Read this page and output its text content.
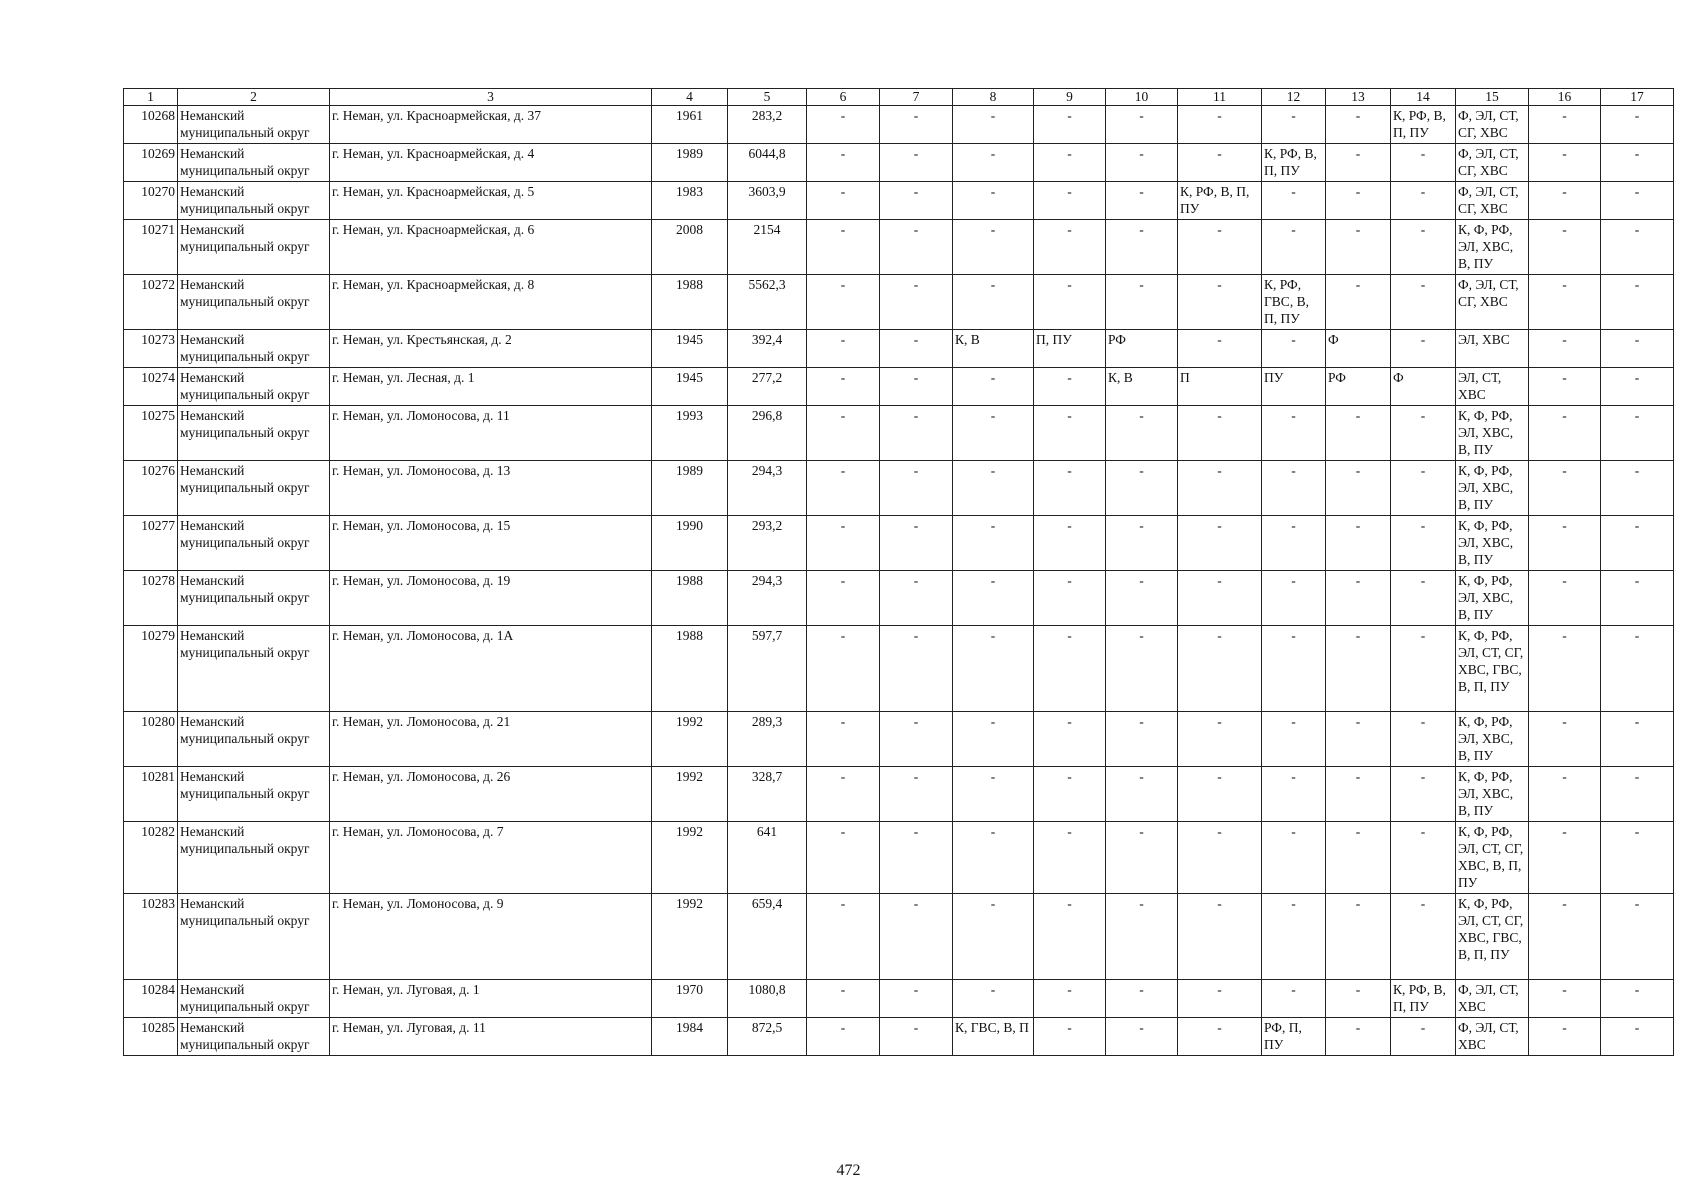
1	2	3	4	5	6	7	8	9	10	11	12	13	14	15	16	17
10268	Неманский муниципальный округ	г. Неман, ул. Красноармейская, д. 37	1961	283,2	-	-	-	-	-	-	-	-	К, РФ, В, П, ПУ	Ф, ЭЛ, СТ, СГ, ХВС	-	-
10269	Неманский муниципальный округ	г. Неман, ул. Красноармейская, д. 4	1989	6044,8	-	-	-	-	-	-	К, РФ, В, П, ПУ	-	-	Ф, ЭЛ, СТ, СГ, ХВС	-	-
10270	Неманский муниципальный округ	г. Неман, ул. Красноармейская, д. 5	1983	3603,9	-	-	-	-	-	К, РФ, В, П, ПУ	-	-	-	Ф, ЭЛ, СТ, СГ, ХВС	-	-
10271	Неманский муниципальный округ	г. Неман, ул. Красноармейская, д. 6	2008	2154	-	-	-	-	-	-	-	-	-	К, Ф, РФ, ЭЛ, ХВС, В, ПУ	-	-
10272	Неманский муниципальный округ	г. Неман, ул. Красноармейская, д. 8	1988	5562,3	-	-	-	-	-	-	К, РФ, ГВС, В, П, ПУ	-	-	Ф, ЭЛ, СТ, СГ, ХВС	-	-
10273	Неманский муниципальный округ	г. Неман, ул. Крестьянская, д. 2	1945	392,4	-	-	К, В	П, ПУ	РФ	-	-	Ф	-	ЭЛ, ХВС	-	-
10274	Неманский муниципальный округ	г. Неман, ул. Лесная, д. 1	1945	277,2	-	-	-	-	К, В	П	ПУ	РФ	Ф	ЭЛ, СТ, ХВС	-	-
10275	Неманский муниципальный округ	г. Неман, ул. Ломоносова, д. 11	1993	296,8	-	-	-	-	-	-	-	-	-	К, Ф, РФ, ЭЛ, ХВС, В, ПУ	-	-
10276	Неманский муниципальный округ	г. Неман, ул. Ломоносова, д. 13	1989	294,3	-	-	-	-	-	-	-	-	-	К, Ф, РФ, ЭЛ, ХВС, В, ПУ	-	-
10277	Неманский муниципальный округ	г. Неман, ул. Ломоносова, д. 15	1990	293,2	-	-	-	-	-	-	-	-	-	К, Ф, РФ, ЭЛ, ХВС, В, ПУ	-	-
10278	Неманский муниципальный округ	г. Неман, ул. Ломоносова, д. 19	1988	294,3	-	-	-	-	-	-	-	-	-	К, Ф, РФ, ЭЛ, ХВС, В, ПУ	-	-
10279	Неманский муниципальный округ	г. Неман, ул. Ломоносова, д. 1А	1988	597,7	-	-	-	-	-	-	-	-	-	К, Ф, РФ, ЭЛ, СТ, СГ, ХВС, ГВС, В, П, ПУ	-	-
10280	Неманский муниципальный округ	г. Неман, ул. Ломоносова, д. 21	1992	289,3	-	-	-	-	-	-	-	-	-	К, Ф, РФ, ЭЛ, ХВС, В, ПУ	-	-
10281	Неманский муниципальный округ	г. Неман, ул. Ломоносова, д. 26	1992	328,7	-	-	-	-	-	-	-	-	-	К, Ф, РФ, ЭЛ, ХВС, В, ПУ	-	-
10282	Неманский муниципальный округ	г. Неман, ул. Ломоносова, д. 7	1992	641	-	-	-	-	-	-	-	-	-	К, Ф, РФ, ЭЛ, СТ, СГ, ХВС, В, П, ПУ	-	-
10283	Неманский муниципальный округ	г. Неман, ул. Ломоносова, д. 9	1992	659,4	-	-	-	-	-	-	-	-	-	К, Ф, РФ, ЭЛ, СТ, СГ, ХВС, ГВС, В, П, ПУ	-	-
10284	Неманский муниципальный округ	г. Неман, ул. Луговая, д. 1	1970	1080,8	-	-	-	-	-	-	-	-	К, РФ, В, П, ПУ	Ф, ЭЛ, СТ, ХВС	-	-
10285	Неманский муниципальный округ	г. Неман, ул. Луговая, д. 11	1984	872,5	-	-	К, ГВС, В, П	-	-	-	РФ, П, ПУ	-	-	Ф, ЭЛ, СТ, ХВС	-	-
472
